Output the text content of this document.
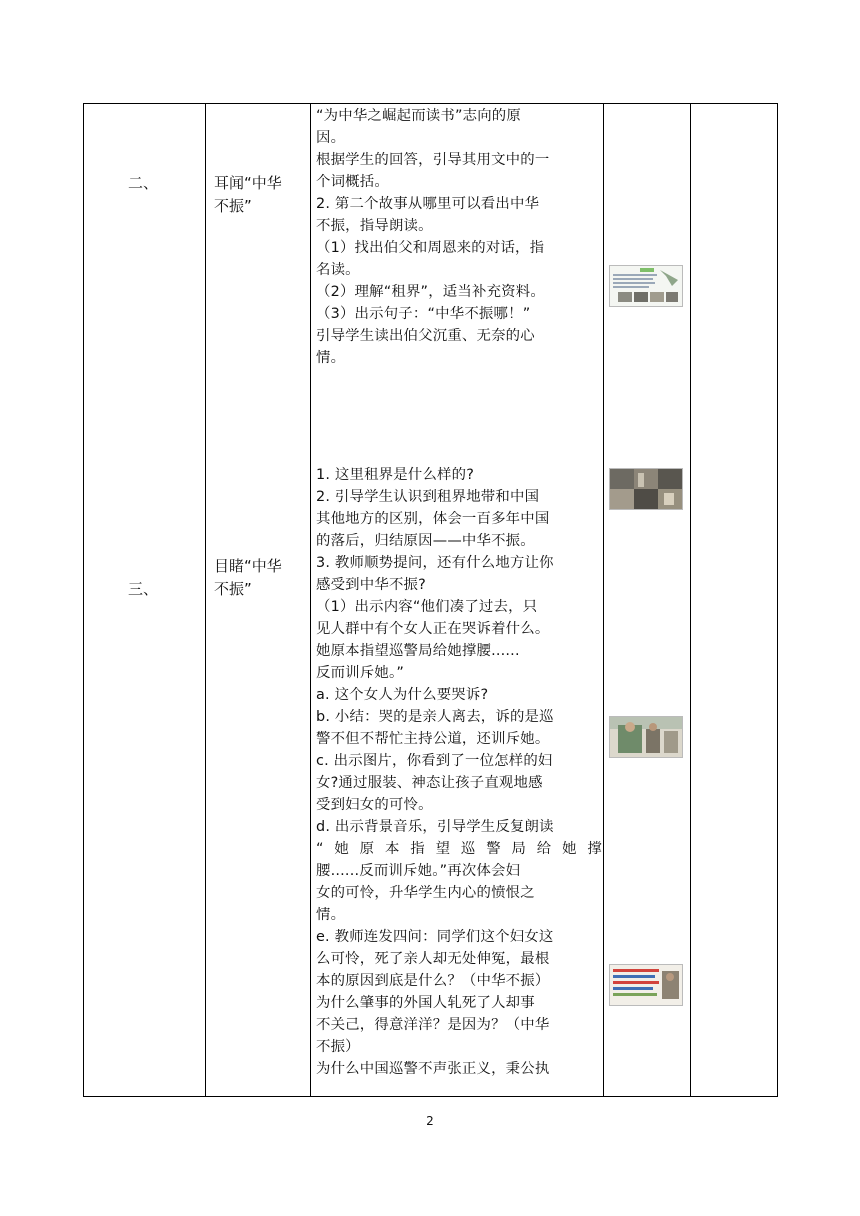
二、	耳闻“中华
不振”

“为中华之崛起而读书”志向的原

因。

根据学生的回答，引导其用文中的一

个词概括。

2. 第二个故事从哪里可以看出中华

不振，指导朗读。

（1）找出伯父和周恩来的对话，指

名读。

（2）理解“租界”，适当补充资料。

（3）出示句子：“中华不振哪！”

引导学生读出伯父沉重、无奈的心

情。

三、
目睹“中华
不振”

1. 这里租界是什么样的?

2. 引导学生认识到租界地带和中国

其他地方的区别，体会一百多年中国

的落后，归结原因——中华不振。

3. 教师顺势提问，还有什么地方让你

感受到中华不振?

（1）出示内容“他们凑了过去，只

见人群中有个女人正在哭诉着什么。

她原本指望巡警局给她撑腰......

反而训斥她。”

a. 这个女人为什么要哭诉?

b. 小结：哭的是亲人离去，诉的是巡

警不但不帮忙主持公道，还训斥她。

c. 出示图片，你看到了一位怎样的妇

女?通过服装、神态让孩子直观地感

受到妇女的可怜。

d. 出示背景音乐，引导学生反复朗读

“她原本指望巡警局给她撑

腰......反而训斥她。”再次体会妇

女的可怜，升华学生内心的愤恨之

情。

e. 教师连发四问：同学们这个妇女这

么可怜，死了亲人却无处伸冤，最根

本的原因到底是什么？（中华不振）

为什么肇事的外国人轧死了人却事

不关己，得意洋洋？是因为？（中华

不振）

为什么中国巡警不声张正义，秉公执

2
